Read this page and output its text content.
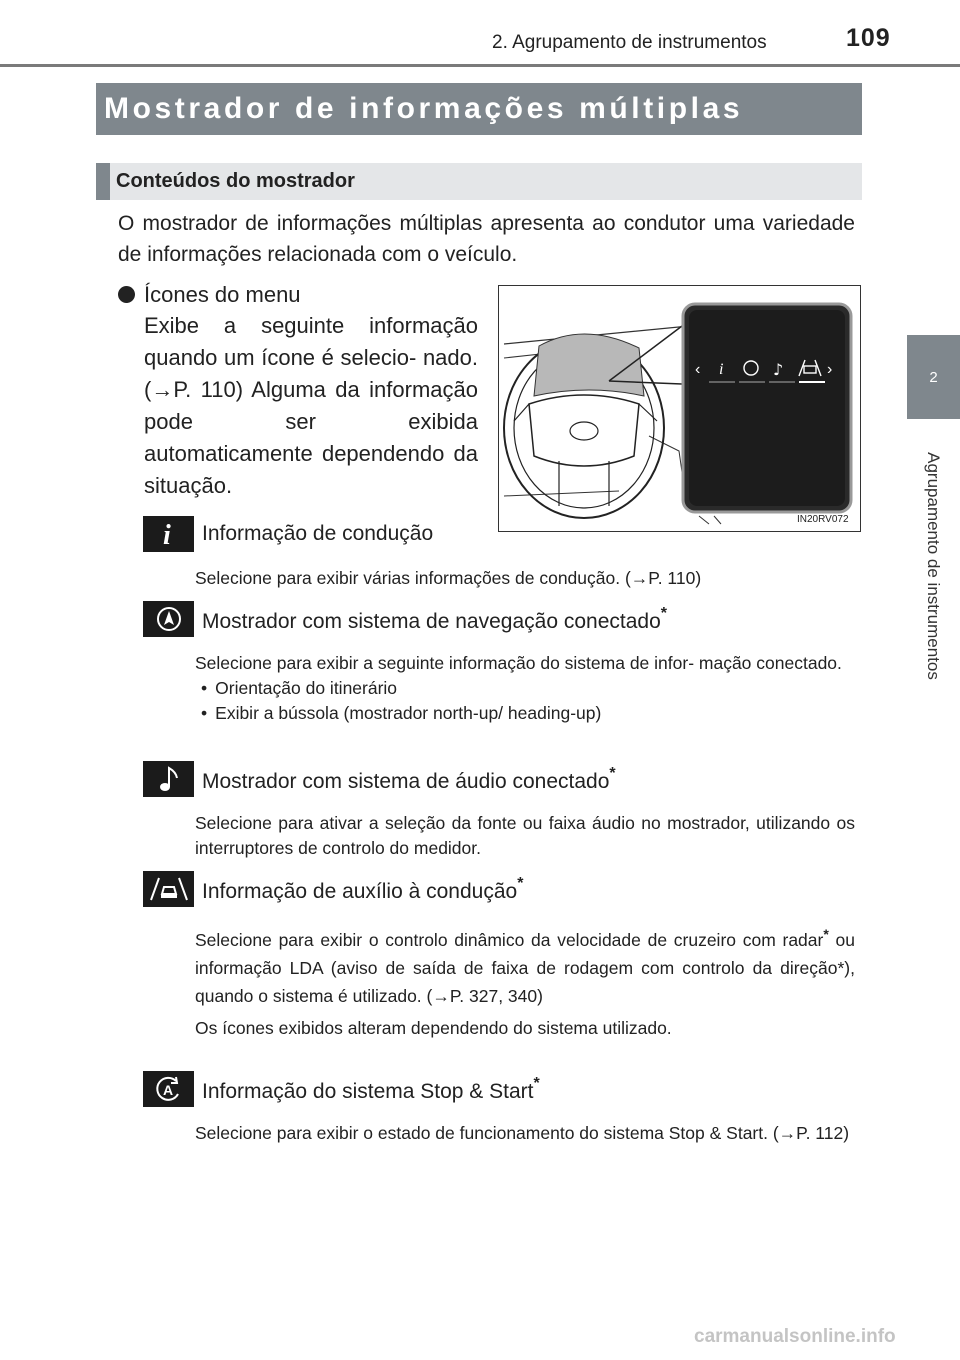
2. Agrupamento de instrumentos	109
2
Agrupamento de instrumentos
Mostrador de informações múltiplas
Conteúdos do mostrador
O mostrador de informações múltiplas apresenta ao condutor uma variedade de informações relacionada com o veículo.
Ícones do menu
Exibe a seguinte informação quando um ícone é selecio- nado. (→P. 110) Alguma da informação pode ser exibida automaticamente dependendo da situação.
‹ i	♪	›
IN20RV072
i Informação de condução
Selecione para exibir várias informações de condução. (→P. 110)
Mostrador com sistema de navegação conectado*

Selecione para exibir a seguinte informação do sistema de infor- mação conectado.

• Orientação do itinerário
• Exibir a bússola (mostrador north-up/ heading-up)
Mostrador com sistema de áudio conectado*
Selecione para ativar a seleção da fonte ou faixa áudio no mostrador, utilizando os interruptores de controlo do medidor.
Informação de auxílio à condução*

Selecione para exibir o controlo dinâmico da velocidade de cruzeiro com radar* ou informação LDA (aviso de saída de faixa de rodagem com controlo da direção*), quando o sistema é utilizado. (→P. 327, 340)

Os ícones exibidos alteram dependendo do sistema utilizado.

A Informação do sistema Stop & Start*
Selecione para exibir o estado de funcionamento do sistema Stop & Start. (→P. 112)
carmanualsonline.info
